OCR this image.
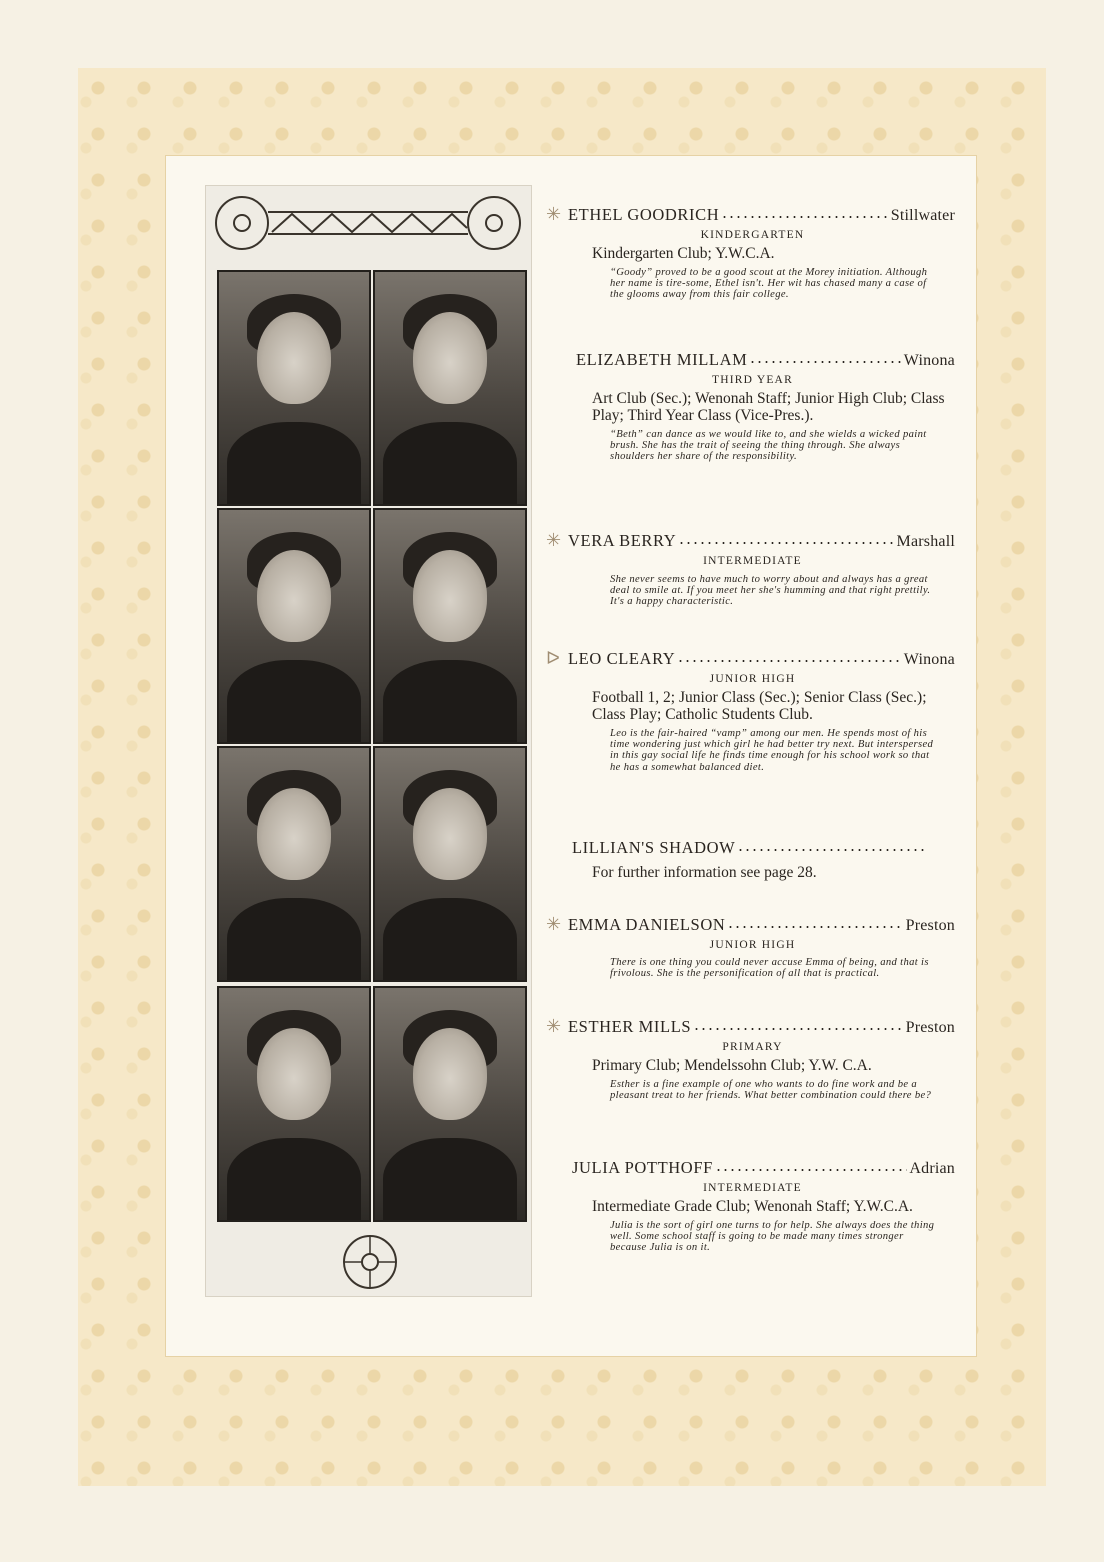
✳ ETHEL GOODRICH	Stillwater
KINDERGARTEN
Kindergarten Club; Y.W.C.A.
“Goody” proved to be a good scout at the Morey initiation. Although her name is tire-some, Ethel isn't. Her wit has chased many a case of the glooms away from this fair college.
ELIZABETH MILLAM	Winona
THIRD YEAR
Art Club (Sec.); Wenonah Staff; Junior High Club; Class Play; Third Year Class (Vice-Pres.).
“Beth” can dance as we would like to, and she wields a wicked paint brush. She has the trait of seeing the thing through. She always shoulders her share of the responsibility.
✳ VERA BERRY	Marshall
INTERMEDIATE
She never seems to have much to worry about and always has a great deal to smile at. If you meet her she's humming and that right prettily. It's a happy characteristic.
ᐅ LEO CLEARY	Winona
JUNIOR HIGH
Football 1, 2; Junior Class (Sec.); Senior Class (Sec.); Class Play; Catholic Students Club.
Leo is the fair-haired “vamp” among our men. He spends most of his time wondering just which girl he had better try next. But interspersed in this gay social life he finds time enough for his school work so that he has a somewhat balanced diet.
LILLIAN'S SHADOW
For further information see page 28.
✳ EMMA DANIELSON	Preston
JUNIOR HIGH
There is one thing you could never accuse Emma of being, and that is frivolous. She is the personification of all that is practical.
✳ ESTHER MILLS	Preston
PRIMARY
Primary Club; Mendelssohn Club; Y.W. C.A.
Esther is a fine example of one who wants to do fine work and be a pleasant treat to her friends. What better combination could there be?
JULIA POTTHOFF	Adrian
INTERMEDIATE
Intermediate Grade Club; Wenonah Staff; Y.W.C.A.
Julia is the sort of girl one turns to for help. She always does the thing well. Some school staff is going to be made many times stronger because Julia is on it.
